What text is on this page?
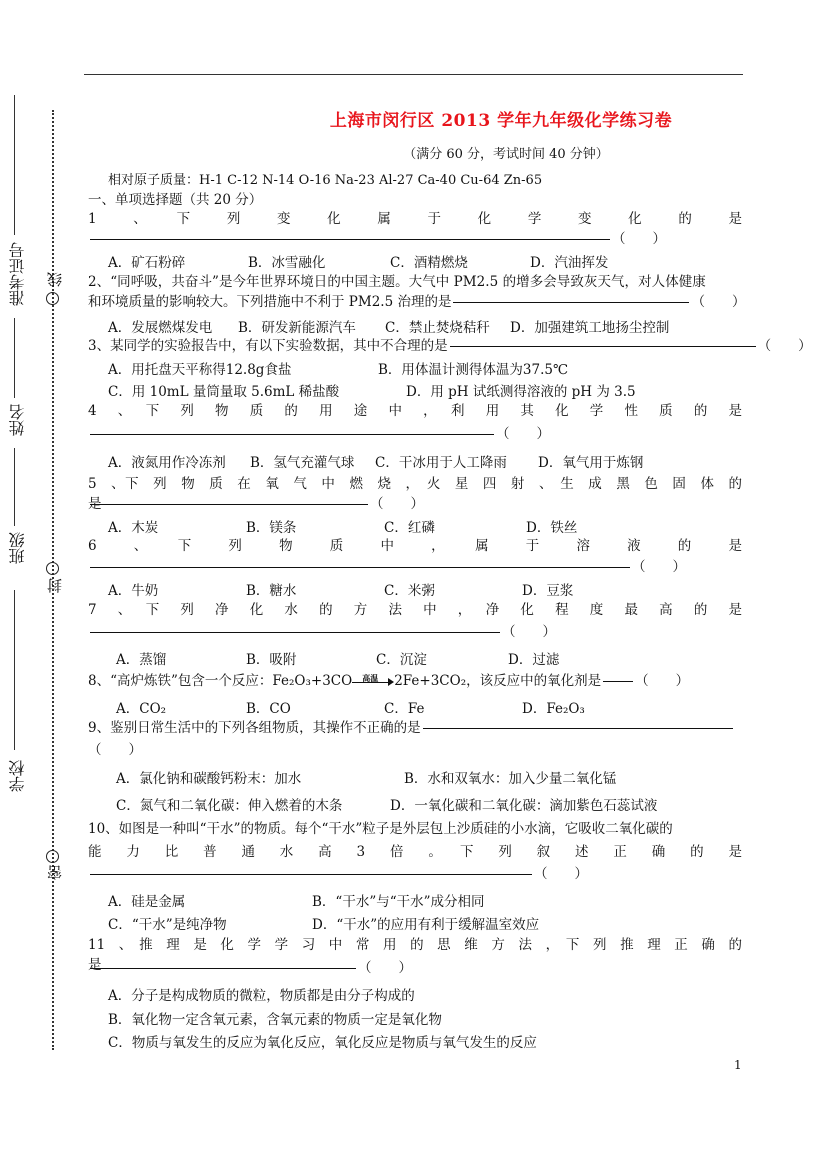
准考证号
姓名
班级
学校
线
封
密
上海市闵行区 2013 学年九年级化学练习卷
（满分 60 分，考试时间 40 分钟）
相对原子质量：H-1 C-12 N-14 O-16 Na-23 Al-27 Ca-40 Cu-64 Zn-65
一、单项选择题（共 20 分）
1　、　下　列　变　化　属　于　化　学　变　化　的　是
（　　）
A．矿石粉碎	B．冰雪融化	C．酒精燃烧	D．汽油挥发
2、“同呼吸，共奋斗”是今年世界环境日的中国主题。大气中 PM2.5 的增多会导致灰天气，对人体健康
和环境质量的影响较大。下列措施中不利于 PM2.5 治理的是	（　　）
A．发展燃煤发电 B．研发新能源汽车 C．禁止焚烧秸秆 D．加强建筑工地扬尘控制
3、某同学的实验报告中，有以下实验数据，其中不合理的是	（　　）
A．用托盘天平称得12.8g食盐	B．用体温计测得体温为37.5℃
C．用 10mL 量筒量取 5.6mL 稀盐酸	D．用 pH 试纸测得溶液的 pH 为 3.5
4　、　下　列　物　质　的　用　途　中　，　利　用　其　化　学　性　质　的　是
（　　）
A．液氮用作冷冻剂 B．氢气充灌气球 C．干冰用于人工降雨 D．氧气用于炼钢
5　、下　列　物　质　在　氧　气　中　燃　烧　，　火　星　四　射　、　生　成　黑　色　固　体　的　是	（　　）
A．木炭	B．镁条	C．红磷	D．铁丝
6　　、　　下　　列　　物　　质　　中　　，　　属　　于　　溶　　液　　的　　是
（　　）
A．牛奶	B．糖水	C．米粥	D．豆浆
7　、　下　列　净　化　水　的　方　法　中　，　净　化　程　度　最　高　的　是
（　　）
A．蒸馏	B．吸附	C．沉淀	D．过滤
8、“高炉炼铁”包含一个反应：Fe₂O₃+3CO 高温 2Fe+3CO₂，该反应中的氧化剂是	（　　）
A．CO₂	B．CO	C．Fe	D．Fe₂O₃
9、鉴别日常生活中的下列各组物质，其操作不正确的是
（　　）
A．氯化钠和碳酸钙粉末：加水	B．水和双氧水：加入少量二氧化锰
C．氮气和二氧化碳：伸入燃着的木条	D．一氧化碳和二氧化碳：滴加紫色石蕊试液
10、如图是一种叫“干水”的物质。每个“干水”粒子是外层包上沙质硅的小水滴，它吸收二氧化碳的
能　力　比　普　通　水　高　3　倍　。　下　列　叙　述　正　确　的　是
（　　）
A．硅是金属	B．“干水”与“干水”成分相同
C．“干水”是纯净物	D．“干水”的应用有利于缓解温室效应
11　、　推　理　是　化　学　学　习　中　常　用　的　思　维　方　法　，　下　列　推　理　正　确　的　是	（　　）
A．分子是构成物质的微粒，物质都是由分子构成的
B．氧化物一定含氧元素，含氧元素的物质一定是氧化物
C．物质与氧发生的反应为氧化反应，氧化反应是物质与氧气发生的反应
1
